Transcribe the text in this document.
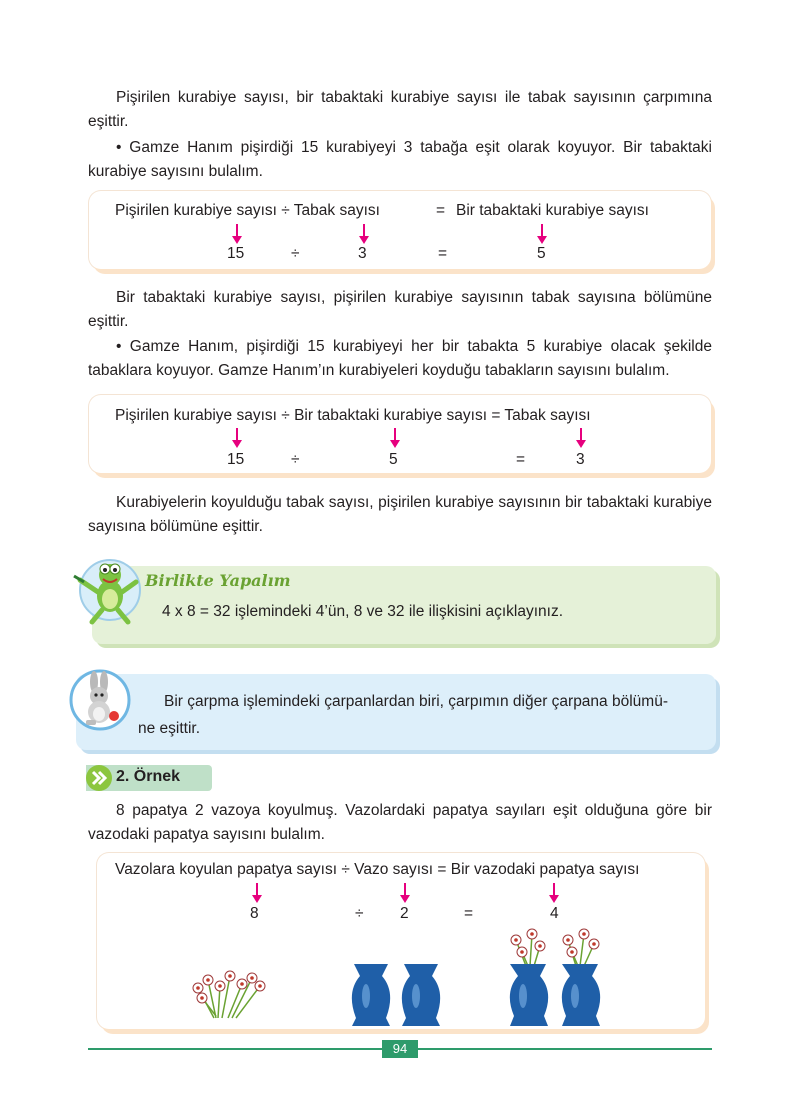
Pişirilen kurabiye sayısı, bir tabaktaki kurabiye sayısı ile tabak sayısının çarpımına eşittir.

• Gamze Hanım pişirdiği 15 kurabiyeyi 3 tabağa eşit olarak koyuyor. Bir tabaktaki kurabiye sayısını bulalım.

Pişirilen kurabiye sayısı ÷ Tabak sayısı	= Bir tabaktaki kurabiye sayısı
15	÷	3	=	5

Bir tabaktaki kurabiye sayısı, pişirilen kurabiye sayısının tabak sayısına bölümüne eşittir.

• Gamze Hanım, pişirdiği 15 kurabiyeyi her bir tabakta 5 kurabiye olacak şekilde tabaklara koyuyor. Gamze Hanım’ın kurabiyeleri koyduğu tabakların sayısını bulalım.

Pişirilen kurabiye sayısı ÷ Bir tabaktaki kurabiye sayısı = Tabak sayısı
15	÷	5	=	3

Kurabiyelerin koyulduğu tabak sayısı, pişirilen kurabiye sayısının bir tabaktaki kurabiye sayısına bölümüne eşittir.

Birlikte Yapalım
4 x 8 = 32 işlemindeki 4’ün, 8 ve 32 ile ilişkisini açıklayınız.
Bir çarpma işlemindeki çarpanlardan biri, çarpımın diğer çarpana bölümü-
ne eşittir.
2. Örnek

8 papatya 2 vazoya koyulmuş. Vazolardaki papatya sayıları eşit olduğuna göre bir vazodaki papatya sayısını bulalım.

Vazolara koyulan papatya sayısı ÷ Vazo sayısı = Bir vazodaki papatya sayısı
8	÷ 2	=	4
94
